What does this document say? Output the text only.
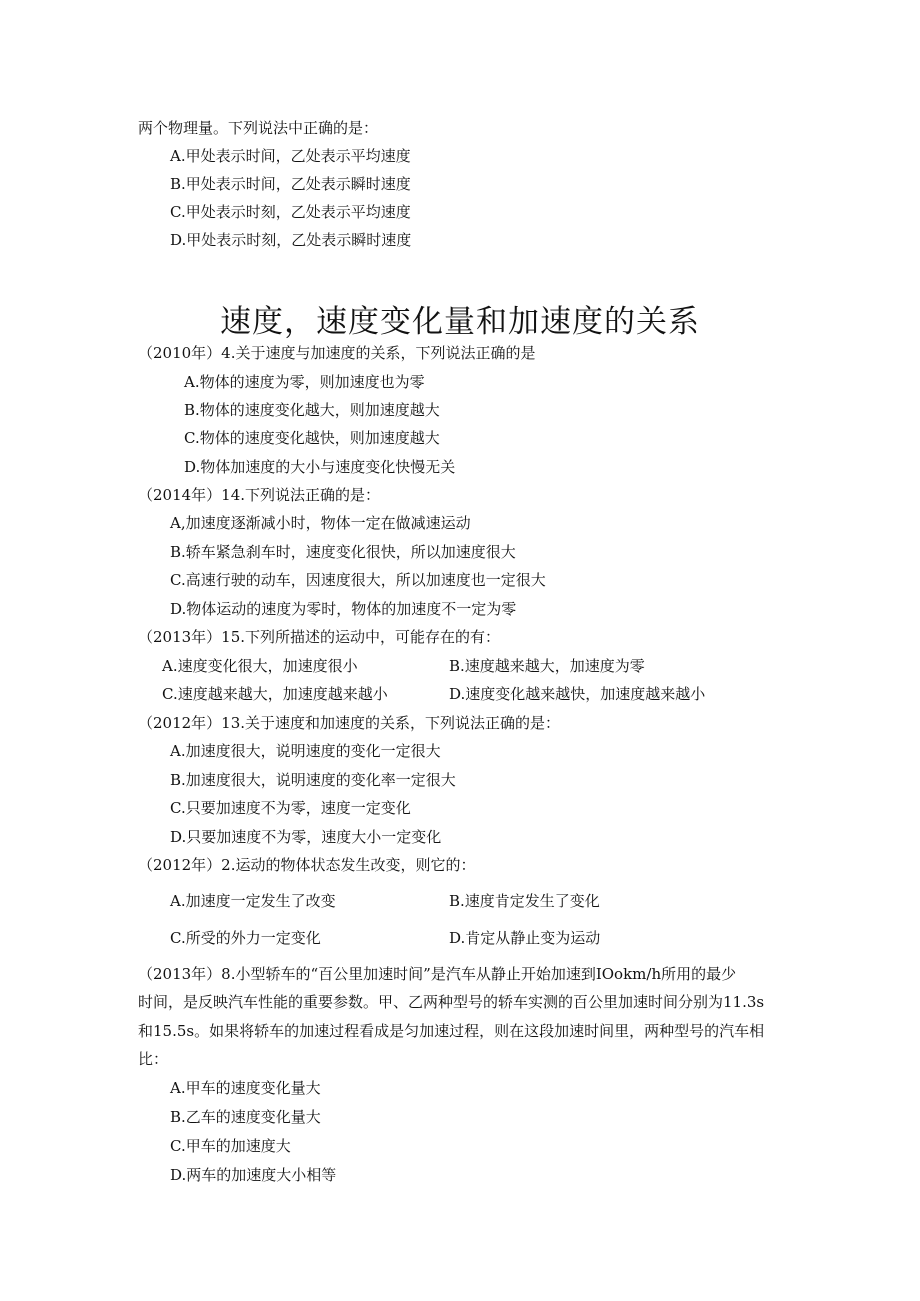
两个物理量。下列说法中正确的是：
A.甲处表示时间，乙处表示平均速度
B.甲处表示时间，乙处表示瞬时速度
C.甲处表示时刻，乙处表示平均速度
D.甲处表示时刻，乙处表示瞬时速度
速度，速度变化量和加速度的关系
（2010年）4.关于速度与加速度的关系，下列说法正确的是
A.物体的速度为零，则加速度也为零
B.物体的速度变化越大，则加速度越大
C.物体的速度变化越快，则加速度越大
D.物体加速度的大小与速度变化快慢无关
（2014年）14.下列说法正确的是：
A,加速度逐渐减小时，物体一定在做减速运动
B.轿车紧急刹车时，速度变化很快，所以加速度很大
C.高速行驶的动车，因速度很大，所以加速度也一定很大
D.物体运动的速度为零时，物体的加速度不一定为零
（2013年）15.下列所描述的运动中，可能存在的有：
A.速度变化很大，加速度很小	B.速度越来越大，加速度为零
C.速度越来越大，加速度越来越小	D.速度变化越来越快，加速度越来越小
（2012年）13.关于速度和加速度的关系，下列说法正确的是：
A.加速度很大，说明速度的变化一定很大
B.加速度很大，说明速度的变化率一定很大
C.只要加速度不为零，速度一定变化
D.只要加速度不为零，速度大小一定变化
（2012年）2.运动的物体状态发生改变，则它的：
A.加速度一定发生了改变	B.速度肯定发生了变化
C.所受的外力一定变化	D.肯定从静止变为运动
（2013年）8.小型轿车的“百公里加速时间”是汽车从静止开始加速到IOokm/h所用的最少
时间，是反映汽车性能的重要参数。甲、乙两种型号的轿车实测的百公里加速时间分别为11.3s
和15.5s。如果将轿车的加速过程看成是匀加速过程，则在这段加速时间里，两种型号的汽车相
比：
A.甲车的速度变化量大
B.乙车的速度变化量大
C.甲车的加速度大
D.两车的加速度大小相等
